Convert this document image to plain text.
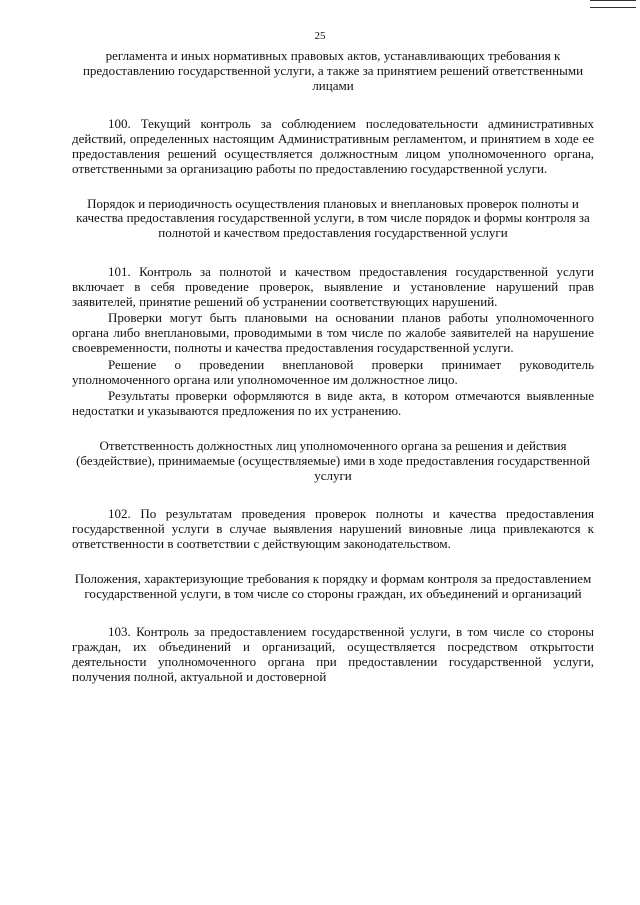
25

регламента и иных нормативных правовых актов, устанавливающих требования к предоставлению государственной услуги, а также за принятием решений ответственными лицами

100. Текущий контроль за соблюдением последовательности административных действий, определенных настоящим Административным регламентом, и принятием в ходе ее предоставления решений осуществляется должностным лицом уполномоченного органа, ответственными за организацию работы по предоставлению государственной услуги.

Порядок и периодичность осуществления плановых и внеплановых проверок полноты и качества предоставления государственной услуги, в том числе порядок и формы контроля за полнотой и качеством предоставления государственной услуги

101. Контроль за полнотой и качеством предоставления государственной услуги включает в себя проведение проверок, выявление и установление нарушений прав заявителей, принятие решений об устранении соответствующих нарушений.

Проверки могут быть плановыми на основании планов работы уполномоченного органа либо внеплановыми, проводимыми в том числе по жалобе заявителей на нарушение своевременности, полноты и качества предоставления государственной услуги.

Решение о проведении внеплановой проверки принимает руководитель уполномоченного органа или уполномоченное им должностное лицо.

Результаты проверки оформляются в виде акта, в котором отмечаются выявленные недостатки и указываются предложения по их устранению.

Ответственность должностных лиц уполномоченного органа за решения и действия (бездействие), принимаемые (осуществляемые) ими в ходе предоставления государственной услуги

102. По результатам проведения проверок полноты и качества предоставления государственной услуги в случае выявления нарушений виновные лица привлекаются к ответственности в соответствии с действующим законодательством.

Положения, характеризующие требования к порядку и формам контроля за предоставлением государственной услуги, в том числе со стороны граждан, их объединений и организаций

103. Контроль за предоставлением государственной услуги, в том числе со стороны граждан, их объединений и организаций, осуществляется посредством открытости деятельности уполномоченного органа при предоставлении государственной услуги, получения полной, актуальной и достоверной
